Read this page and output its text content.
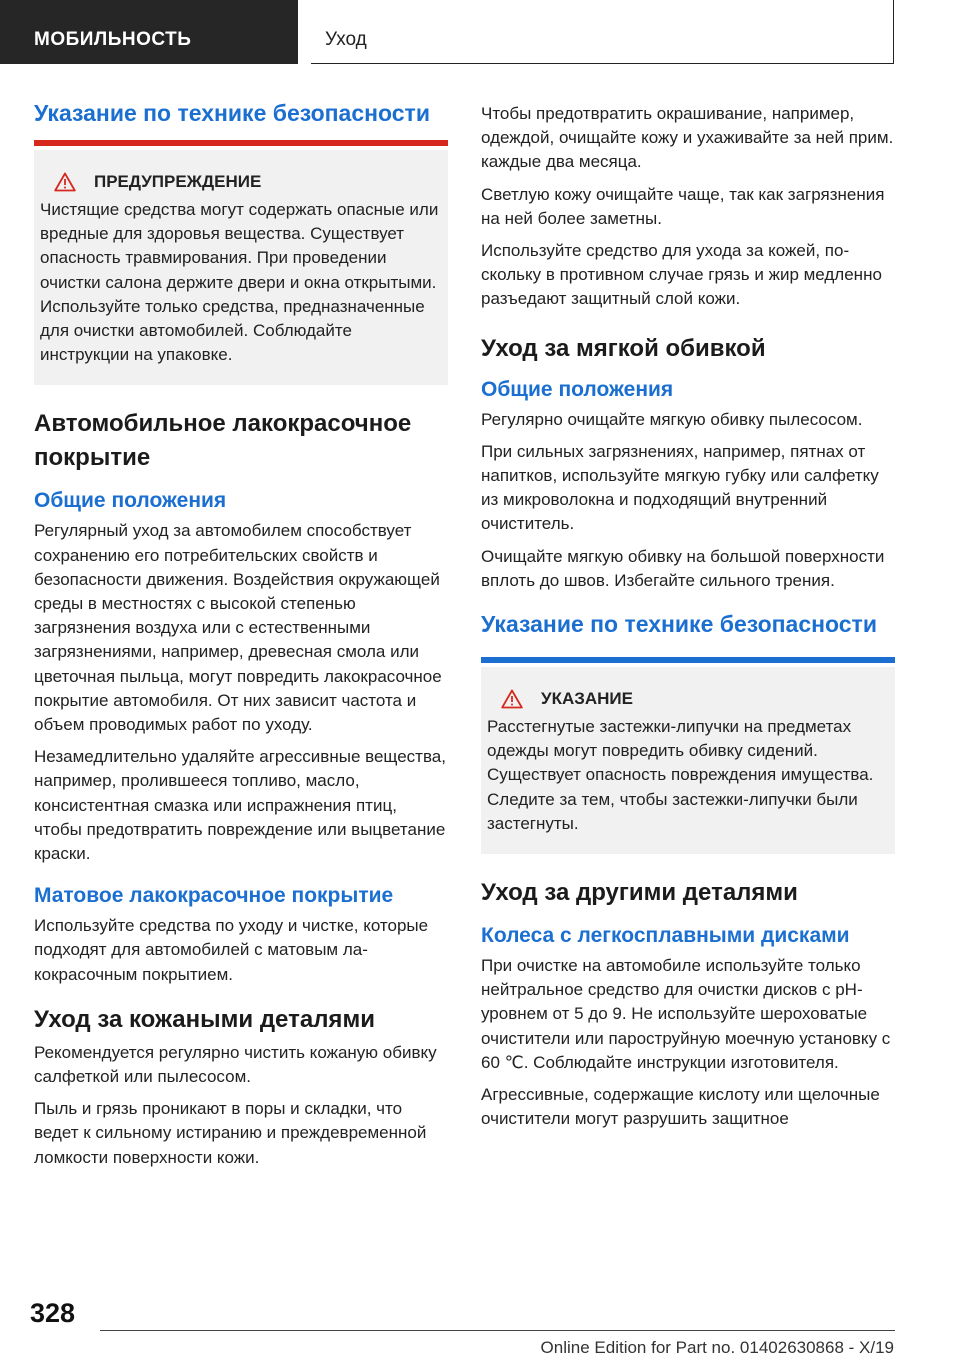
МОБИЛЬНОСТЬ	Уход
Указание по технике безопасности
ПРЕДУПРЕЖДЕНИЕ

Чистящие средства могут содержать опасные или вредные для здоровья вещества. Существует опасность травмирования. При проведении очистки салона держите двери и окна открытыми. Используйте только средства, предназначенные для очистки автомобилей. Соблюдайте инструкции на упаковке.

Автомобильное лакокрасочное покрытие
Общие положения

Регулярный уход за автомобилем способствует сохранению его потребительских свойств и безопасности движения. Воздействия окружающей среды в местностях с высокой степенью загрязнения воздуха или с естественными загрязнениями, например, древесная смола или цветочная пыльца, могут повредить лакокрасочное покрытие автомобиля. От них зависит частота и объем проводимых работ по уходу.

Незамедлительно удаляйте агрессивные вещества, например, пролившееся топливо, масло, консистентная смазка или испражнения птиц, чтобы предотвратить повреждение или выцветание краски.

Матовое лакокрасочное покрытие

Используйте средства по уходу и чистке, которые подходят для автомобилей с матовым лакокрасочным покрытием.

Уход за кожаными деталями

Рекомендуется регулярно чистить кожаную обивку салфеткой или пылесосом.

Пыль и грязь проникают в поры и складки, что ведет к сильному истиранию и преждевременной ломкости поверхности кожи.

Чтобы предотвратить окрашивание, например, одеждой, очищайте кожу и ухаживайте за ней прим. каждые два месяца.

Светлую кожу очищайте чаще, так как загрязнения на ней более заметны.

Используйте средство для ухода за кожей, поскольку в противном случае грязь и жир медленно разъедают защитный слой кожи.

Уход за мягкой обивкой
Общие положения

Регулярно очищайте мягкую обивку пылесосом.

При сильных загрязнениях, например, пятнах от напитков, используйте мягкую губку или салфетку из микроволокна и подходящий внутренний очиститель.

Очищайте мягкую обивку на большой поверхности вплоть до швов. Избегайте сильного трения.

Указание по технике безопасности
УКАЗАНИЕ

Расстегнутые застежки-липучки на предметах одежды могут повредить обивку сидений. Существует опасность повреждения имущества. Следите за тем, чтобы застежки-липучки были застегнуты.

Уход за другими деталями
Колеса с легкосплавными дисками

При очистке на автомобиле используйте только нейтральное средство для очистки дисков с pH-уровнем от 5 до 9. Не используйте шероховатые очистители или пароструйную моечную установку с 60 ℃. Соблюдайте инструкции изготовителя.

Агрессивные, содержащие кислоту или щелочные очистители могут разрушить защитное

328
Online Edition for Part no. 01402630868 - X/19
